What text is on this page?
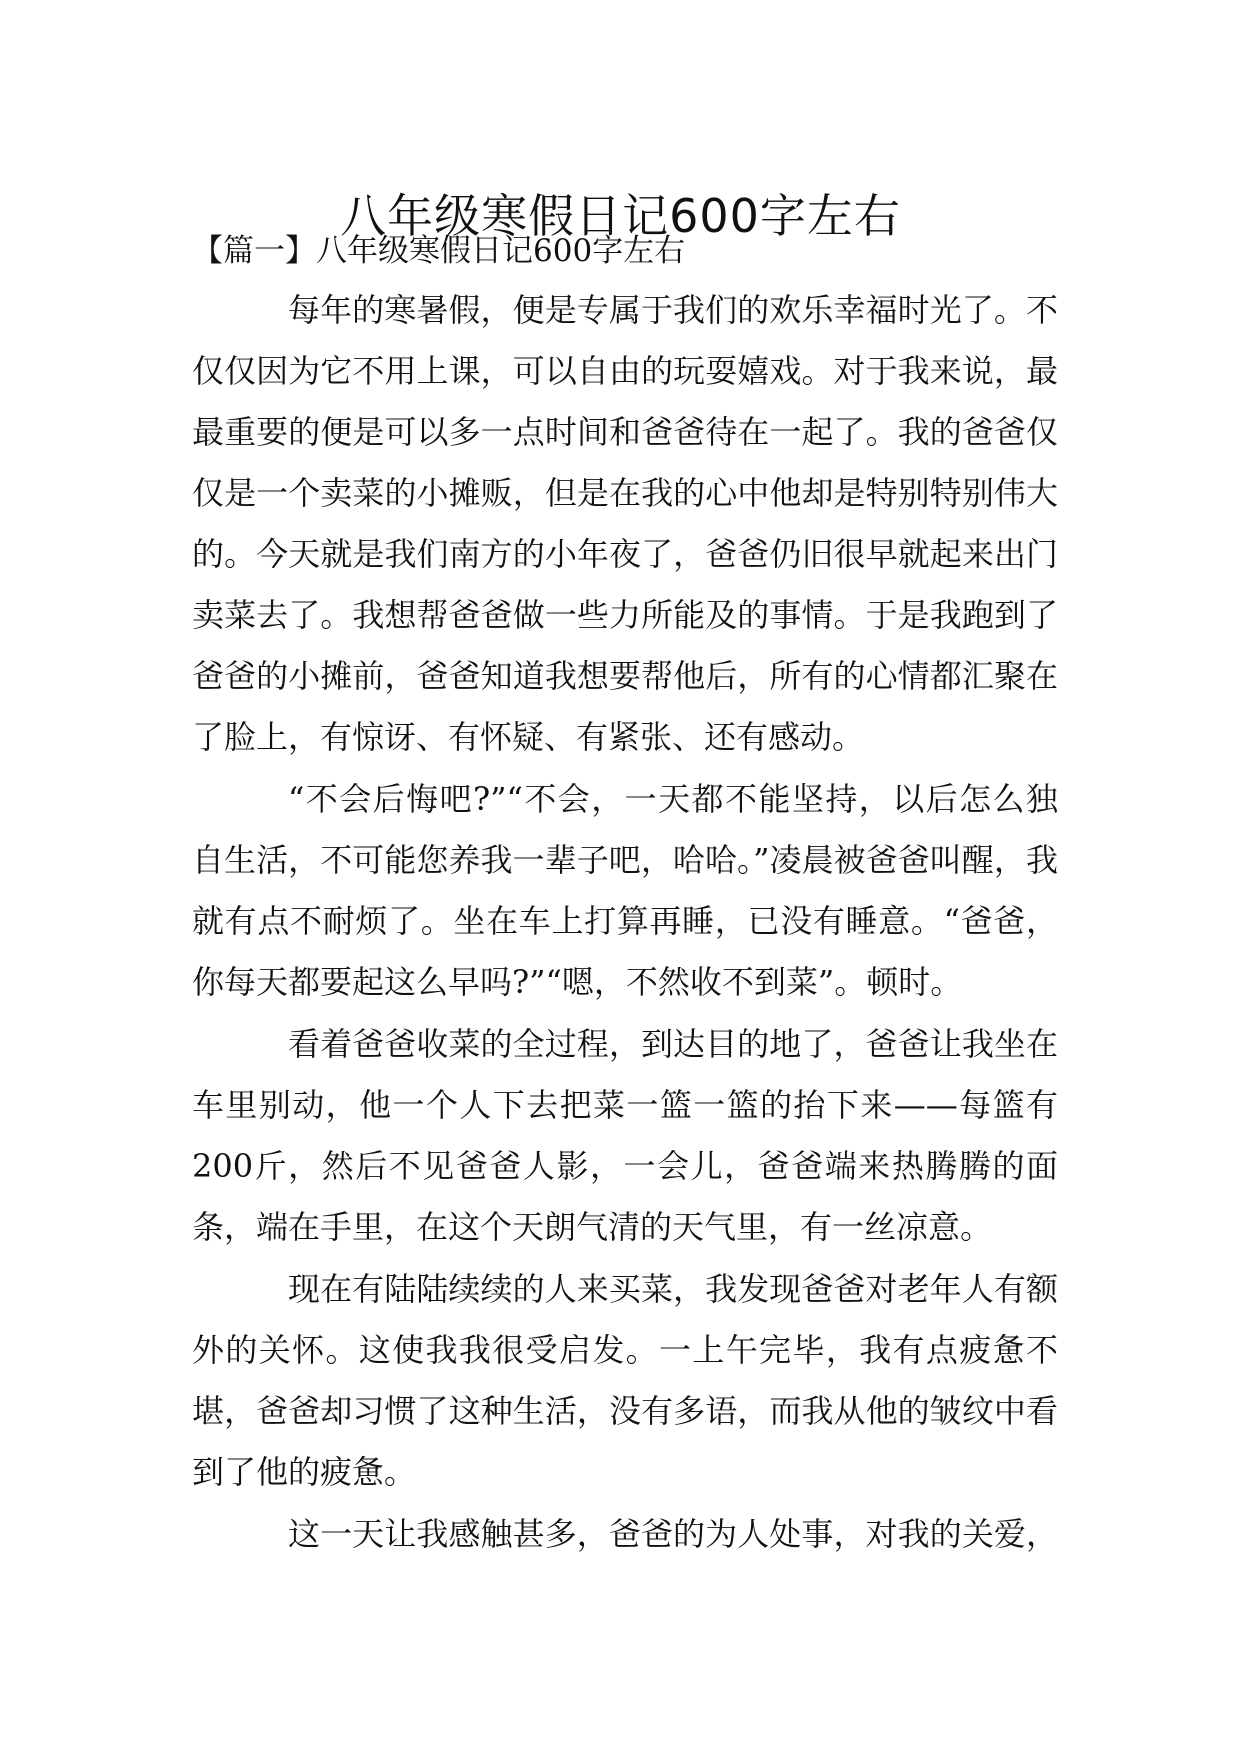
八年级寒假日记600字左右
【篇一】八年级寒假日记600字左右

每年的寒暑假，便是专属于我们的欢乐幸福时光了。不仅仅因为它不用上课，可以自由的玩耍嬉戏。对于我来说，最最重要的便是可以多一点时间和爸爸待在一起了。我的爸爸仅仅是一个卖菜的小摊贩，但是在我的心中他却是特别特别伟大的。今天就是我们南方的小年夜了，爸爸仍旧很早就起来出门卖菜去了。我想帮爸爸做一些力所能及的事情。于是我跑到了爸爸的小摊前，爸爸知道我想要帮他后，所有的心情都汇聚在了脸上，有惊讶、有怀疑、有紧张、还有感动。

“不会后悔吧?”“不会，一天都不能坚持，以后怎么独自生活，不可能您养我一辈子吧，哈哈。”凌晨被爸爸叫醒，我就有点不耐烦了。坐在车上打算再睡，已没有睡意。“爸爸，你每天都要起这么早吗?”“嗯，不然收不到菜”。顿时。

看着爸爸收菜的全过程，到达目的地了，爸爸让我坐在车里别动，他一个人下去把菜一篮一篮的抬下来——每篮有200斤，然后不见爸爸人影，一会儿，爸爸端来热腾腾的面条，端在手里，在这个天朗气清的天气里，有一丝凉意。

现在有陆陆续续的人来买菜，我发现爸爸对老年人有额外的关怀。这使我我很受启发。一上午完毕，我有点疲惫不堪，爸爸却习惯了这种生活，没有多语，而我从他的皱纹中看到了他的疲惫。

这一天让我感触甚多，爸爸的为人处事，对我的关爱，
